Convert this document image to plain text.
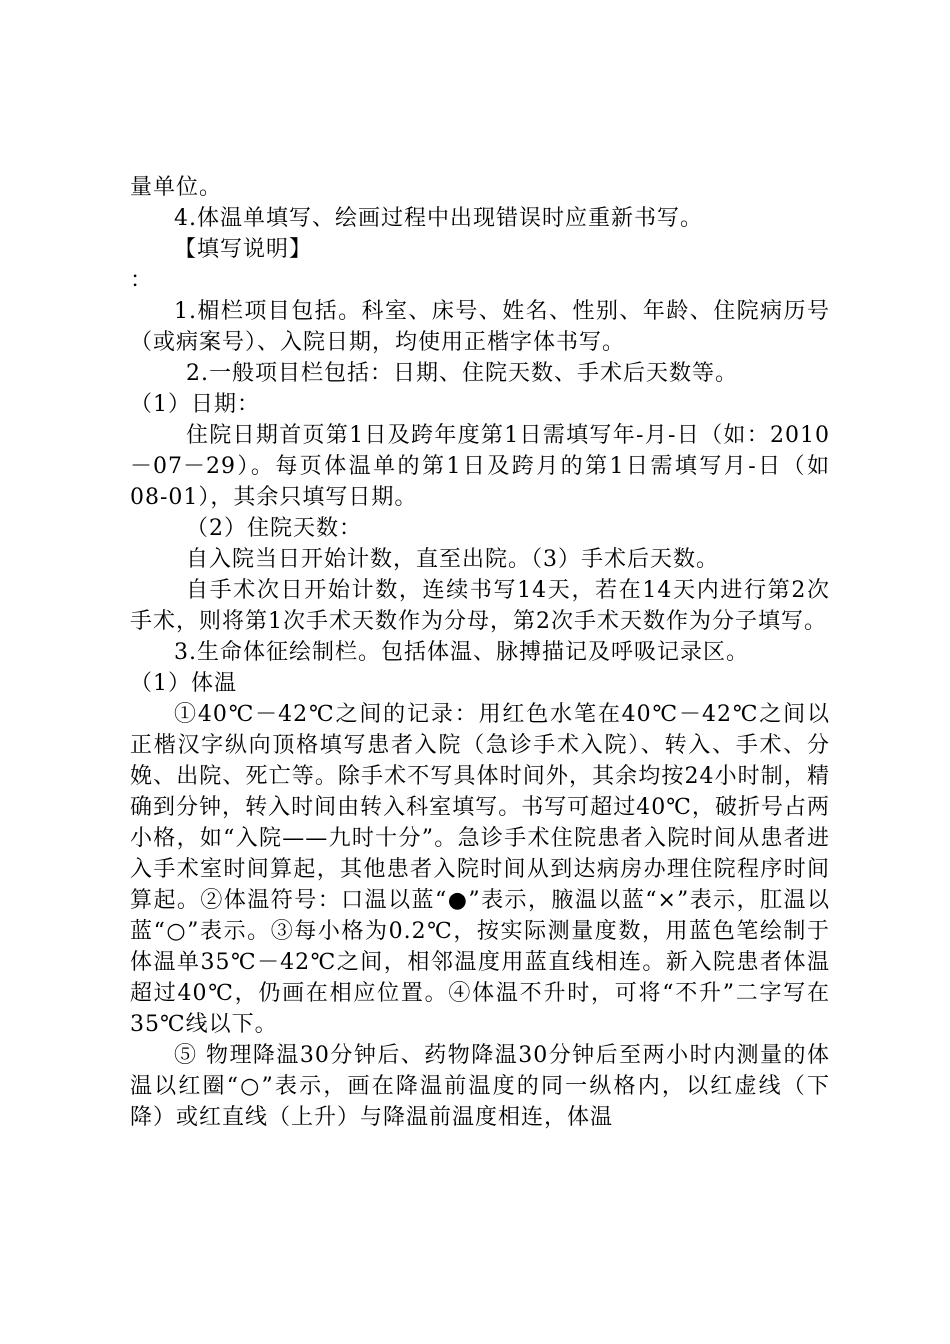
量单位。

4.体温单填写、绘画过程中出现错误时应重新书写。

【填写说明】

：

1.楣栏项目包括。科室、床号、姓名、性别、年龄、住院病历号（或病案号）、入院日期，均使用正楷字体书写。

2.一般项目栏包括：日期、住院天数、手术后天数等。

（1）日期：

住院日期首页第1日及跨年度第1日需填写年-月-日（如：2010－07－29）。每页体温单的第1日及跨月的第1日需填写月-日（如08-01），其余只填写日期。

（2）住院天数：

自入院当日开始计数，直至出院。（3）手术后天数。

自手术次日开始计数，连续书写14天，若在14天内进行第2次手术，则将第1次手术天数作为分母，第2次手术天数作为分子填写。

3.生命体征绘制栏。包括体温、脉搏描记及呼吸记录区。

（1）体温

①40℃－42℃之间的记录：用红色水笔在40℃－42℃之间以正楷汉字纵向顶格填写患者入院（急诊手术入院）、转入、手术、分娩、出院、死亡等。除手术不写具体时间外，其余均按24小时制，精确到分钟，转入时间由转入科室填写。书写可超过40℃，破折号占两小格，如“入院——九时十分”。急诊手术住院患者入院时间从患者进入手术室时间算起，其他患者入院时间从到达病房办理住院程序时间算起。②体温符号：口温以蓝“●”表示，腋温以蓝“×”表示，肛温以蓝“○”表示。③每小格为0.2℃，按实际测量度数，用蓝色笔绘制于体温单35℃－42℃之间，相邻温度用蓝直线相连。新入院患者体温超过40℃，仍画在相应位置。④体温不升时，可将“不升”二字写在35℃线以下。

⑤ 物理降温30分钟后、药物降温30分钟后至两小时内测量的体温以红圈“○”表示，画在降温前温度的同一纵格内，以红虚线（下降）或红直线（上升）与降温前温度相连，体温
